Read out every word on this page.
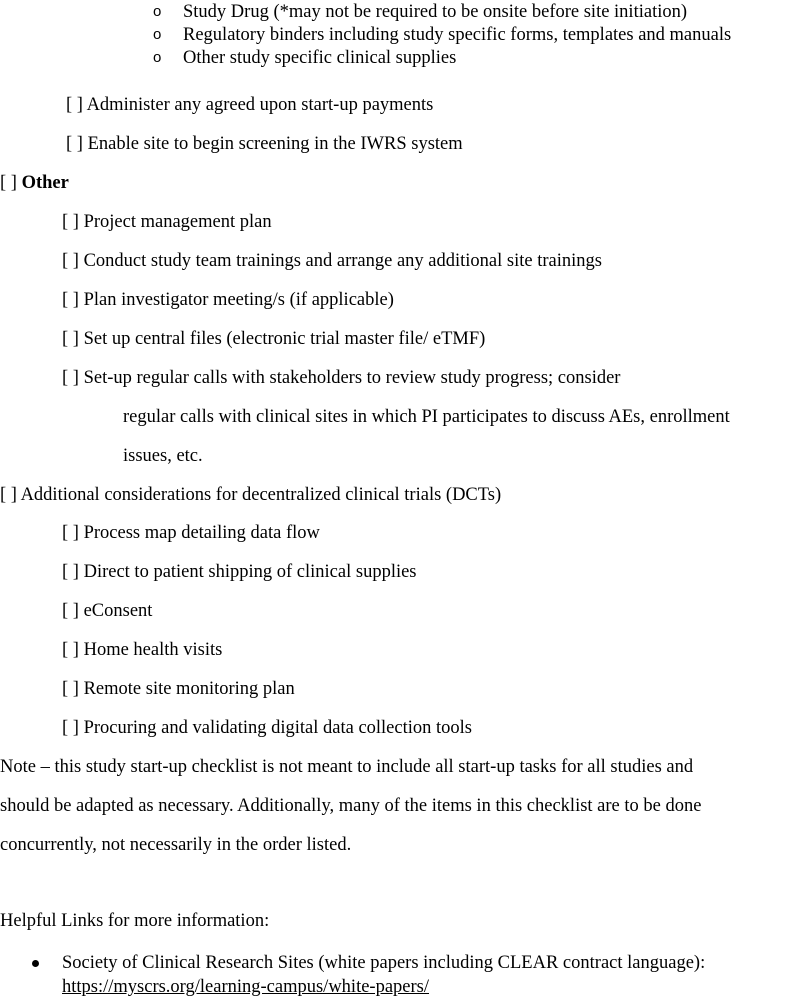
o Study Drug (*may not be required to be onsite before site initiation)
o Regulatory binders including study specific forms, templates and manuals
o Other study specific clinical supplies
[ ] Administer any agreed upon start-up payments
[ ] Enable site to begin screening in the IWRS system
[ ] Other
[ ] Project management plan
[ ] Conduct study team trainings and arrange any additional site trainings
[ ] Plan investigator meeting/s (if applicable)
[ ] Set up central files (electronic trial master file/ eTMF)
[ ] Set-up regular calls with stakeholders to review study progress; consider
regular calls with clinical sites in which PI participates to discuss AEs, enrollment
issues, etc.
[ ] Additional considerations for decentralized clinical trials (DCTs)
[ ] Process map detailing data flow
[ ] Direct to patient shipping of clinical supplies
[ ] eConsent
[ ] Home health visits
[ ] Remote site monitoring plan
[ ] Procuring and validating digital data collection tools
Note – this study start-up checklist is not meant to include all start-up tasks for all studies and
should be adapted as necessary. Additionally, many of the items in this checklist are to be done
concurrently, not necessarily in the order listed.
Helpful Links for more information:
Society of Clinical Research Sites (white papers including CLEAR contract language):
https://myscrs.org/learning-campus/white-papers/
